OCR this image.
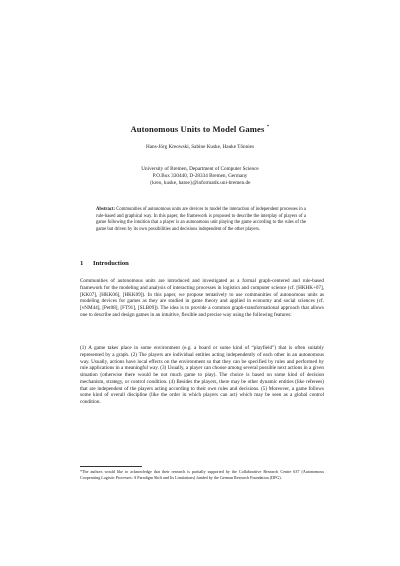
Autonomous Units to Model Games *
Hans-Jörg Kreowski, Sabine Kuske, Hauke Tönnies
University of Bremen, Department of Computer Science
P.O.Box 330440, D-28334 Bremen, Germany
{kreo, kuske, hatoe}@informatik.uni-bremen.de
Abstract: Communities of autonomous units are devices to model the interaction of independent processes in a rule-based and graphical way. In this paper, the framework is proposed to describe the interplay of players of a game following the intuition that a player is an autonomous unit playing the game according to the rules of the game but driven by its own possibilities and decisions independent of the other players.
1 Introduction
Communities of autonomous units are introduced and investigated as a formal graph-centered and rule-based framework for the modeling and analysis of interacting processes in logistics and computer science (cf. [HKHK+07], [KK07], [HKK06], [HKK09]). In this paper, we propose tentatively to use communities of autonomous units as modeling devices for games as they are studied in game theory and applied in economy and social sciences (cf. [vNM44], [Pet08], [FT91], [SLB09]). The idea is to provide a common graph-transformational approach that allows one to describe and design games in an intuitive, flexible and precise way using the following features:
(1) A game takes place in some environment (e.g. a board or some kind of “playfield”) that is often suitably represented by a graph. (2) The players are individual entities acting independently of each other in an autonomous way. Usually, actions have local effects on the environment so that they can be specified by rules and performed by rule applications in a meaningful way. (3) Usually, a player can choose among several possible next actions in a given situation (otherwise there would be not much game to play). The choice is based on some kind of decision mechanism, strategy, or control condition. (4) Besides the players, there may be other dynamic entities (like referees) that are independent of the players acting according to their own rules and decisions. (5) Moreover, a game follows some kind of overall discipline (like the order in which players can act) which may be seen as a global control condition.
*The authors would like to acknowledge that their research is partially supported by the Collaborative Research Centre 637 (Autonomous Cooperating Logistic Processes: A Paradigm Shift and Its Limitations) funded by the German Research Foundation (DFG).
